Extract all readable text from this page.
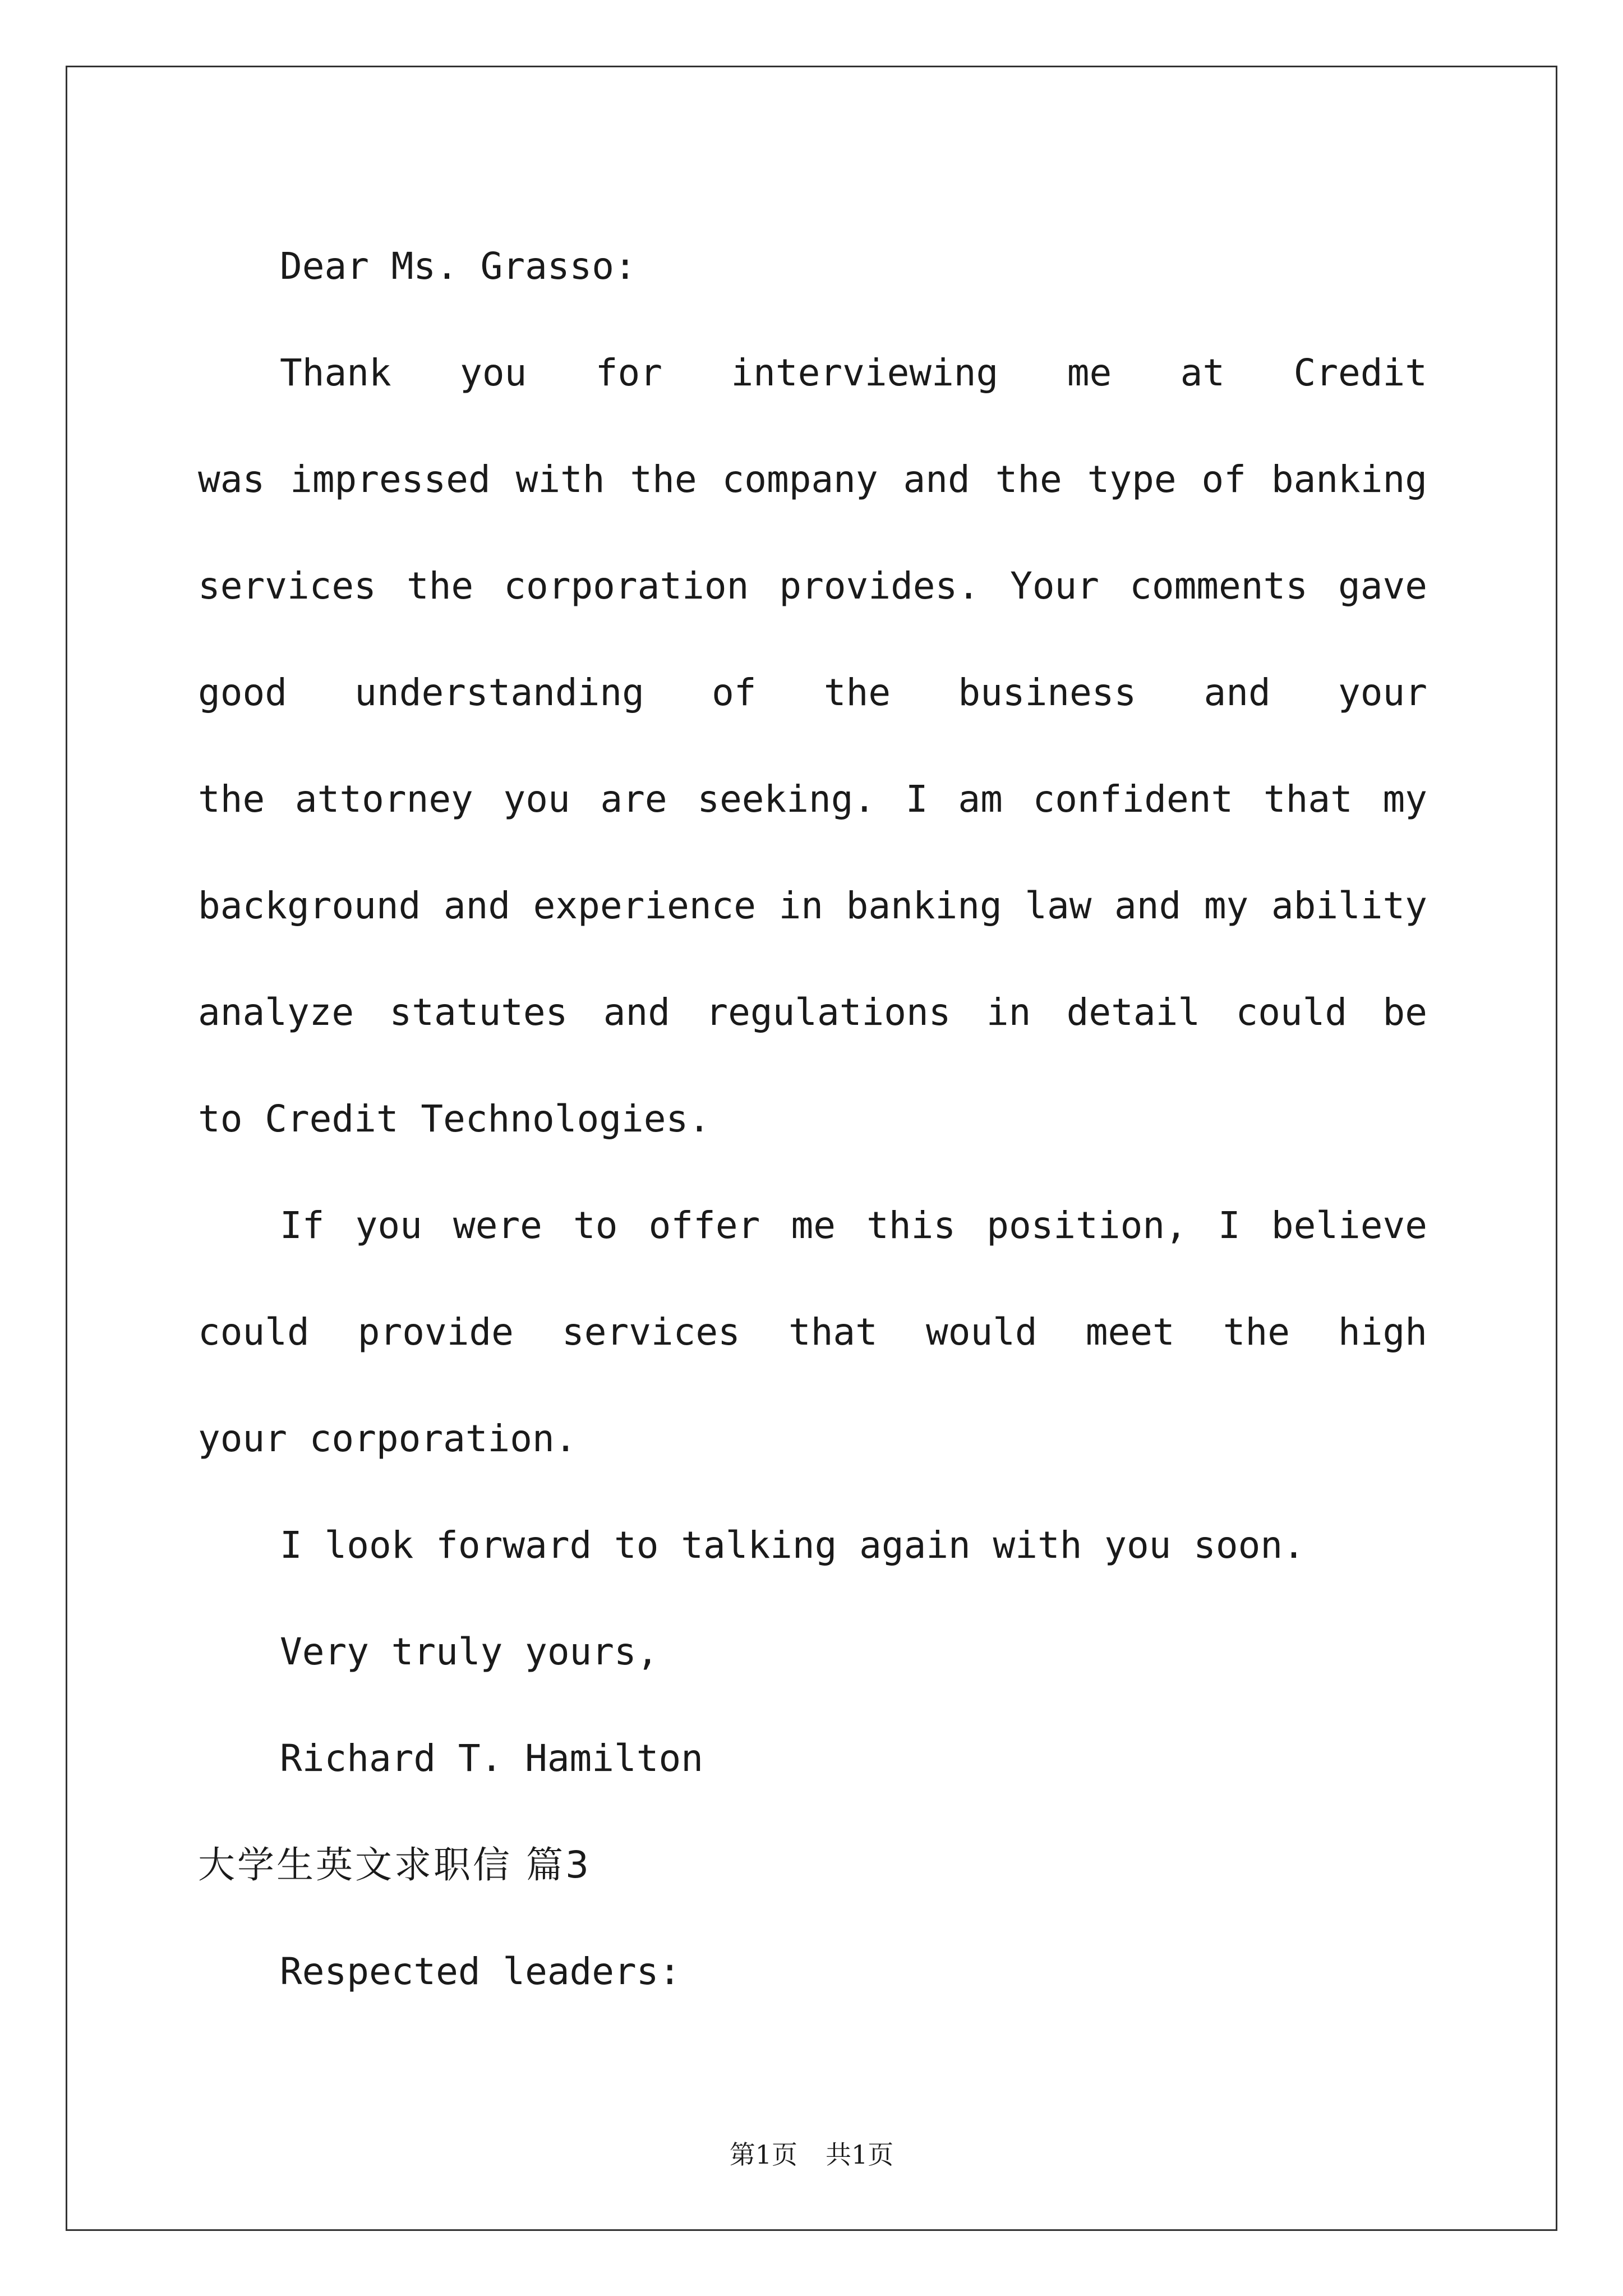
Dear Ms. Grasso:

Thank you for interviewing me at Credit

was impressed with the company and the type of banking

services the corporation provides. Your comments gave

good understanding of the business and your

the attorney you are seeking. I am confident that my

background and experience in banking law and my ability

analyze statutes and regulations in detail could be

to Credit Technologies.

If you were to offer me this position, I believe

could provide services that would meet the high

your corporation.

I look forward to talking again with you soon.

Very truly yours,

Richard T. Hamilton

大学生英文求职信 篇3

Respected leaders:

第1页 共1页
